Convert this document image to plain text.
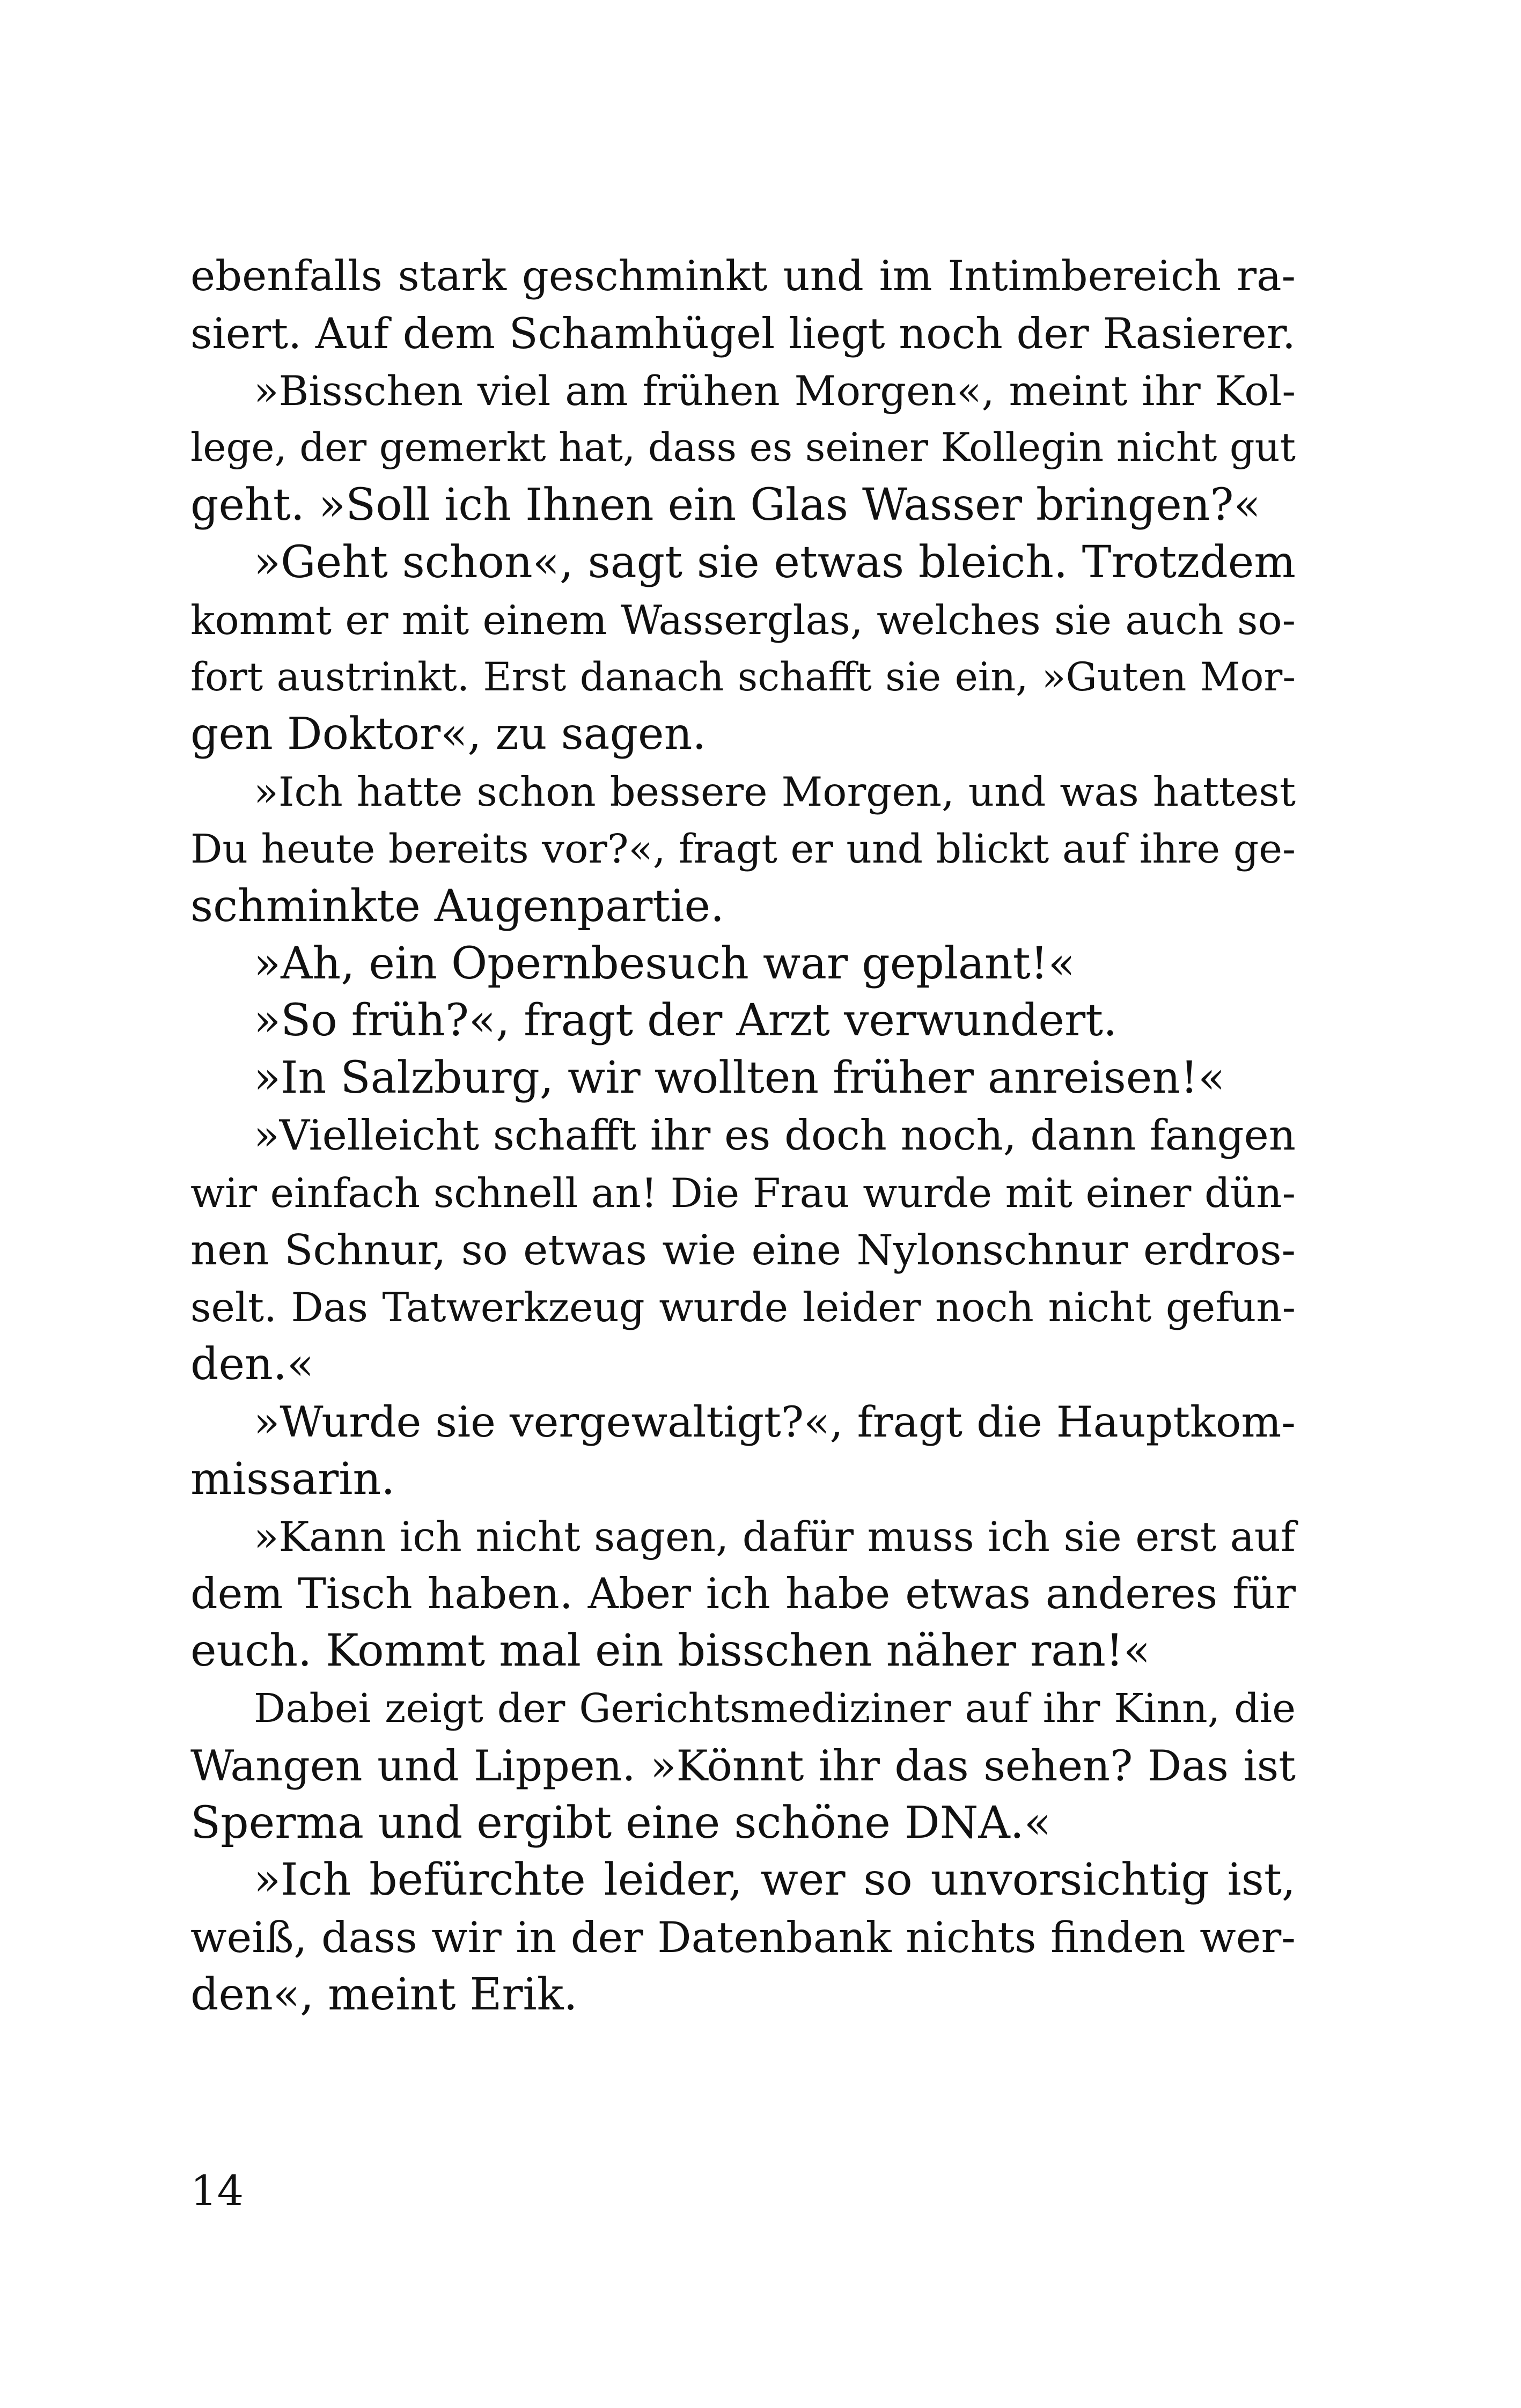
ebenfalls stark geschminkt und im Intimbereich ra-
siert. Auf dem Schamhügel liegt noch der Rasierer.
»Bisschen viel am frühen Morgen«, meint ihr Kol-
lege, der gemerkt hat, dass es seiner Kollegin nicht gut
geht. »Soll ich Ihnen ein Glas Wasser bringen?«
»Geht schon«, sagt sie etwas bleich. Trotzdem
kommt er mit einem Wasserglas, welches sie auch so-
fort austrinkt. Erst danach schafft sie ein, »Guten Mor-
gen Doktor«, zu sagen.
»Ich hatte schon bessere Morgen, und was hattest
Du heute bereits vor?«, fragt er und blickt auf ihre ge-
schminkte Augenpartie.
»Ah, ein Opernbesuch war geplant!«
»So früh?«, fragt der Arzt verwundert.
»In Salzburg, wir wollten früher anreisen!«
»Vielleicht schafft ihr es doch noch, dann fangen
wir einfach schnell an! Die Frau wurde mit einer dün-
nen Schnur, so etwas wie eine Nylonschnur erdros-
selt. Das Tatwerkzeug wurde leider noch nicht gefun-
den.«
»Wurde sie vergewaltigt?«, fragt die Hauptkom-
missarin.
»Kann ich nicht sagen, dafür muss ich sie erst auf
dem Tisch haben. Aber ich habe etwas anderes für
euch. Kommt mal ein bisschen näher ran!«
Dabei zeigt der Gerichtsmediziner auf ihr Kinn, die
Wangen und Lippen. »Könnt ihr das sehen? Das ist
Sperma und ergibt eine schöne DNA.«
»Ich befürchte leider, wer so unvorsichtig ist,
weiß, dass wir in der Datenbank nichts finden wer-
den«, meint Erik.
14
